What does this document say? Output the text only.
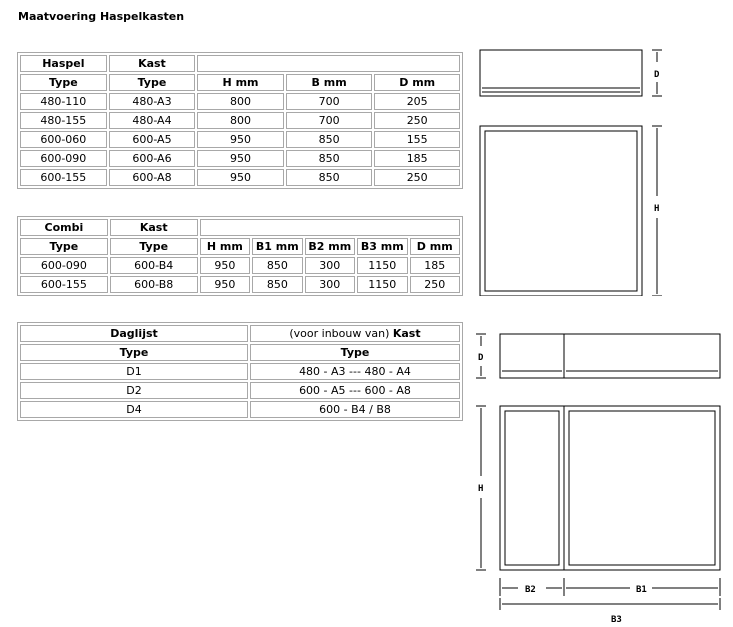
Maatvoering Haspelkasten
Haspel	Kast			
Type	Type	H mm	B mm	D mm
480-110	480-A3	800	700	205
480-155	480-A4	800	700	250
600-060	600-A5	950	850	155
600-090	600-A6	950	850	185
600-155	600-A8	950	850	250
Combi	Kast					
Type	Type	H mm	B1 mm	B2 mm	B3 mm	D mm
600-090	600-B4	950	850	300	1150	185
600-155	600-B8	950	850	300	1150	250
Daglijst	(voor inbouw van) Kast
Type	Type
D1	480 - A3 --- 480 - A4
D2	600 - A5 --- 600 - A8
D4	600 - B4 / B8
D
H
D
H
B2	B1
B3
